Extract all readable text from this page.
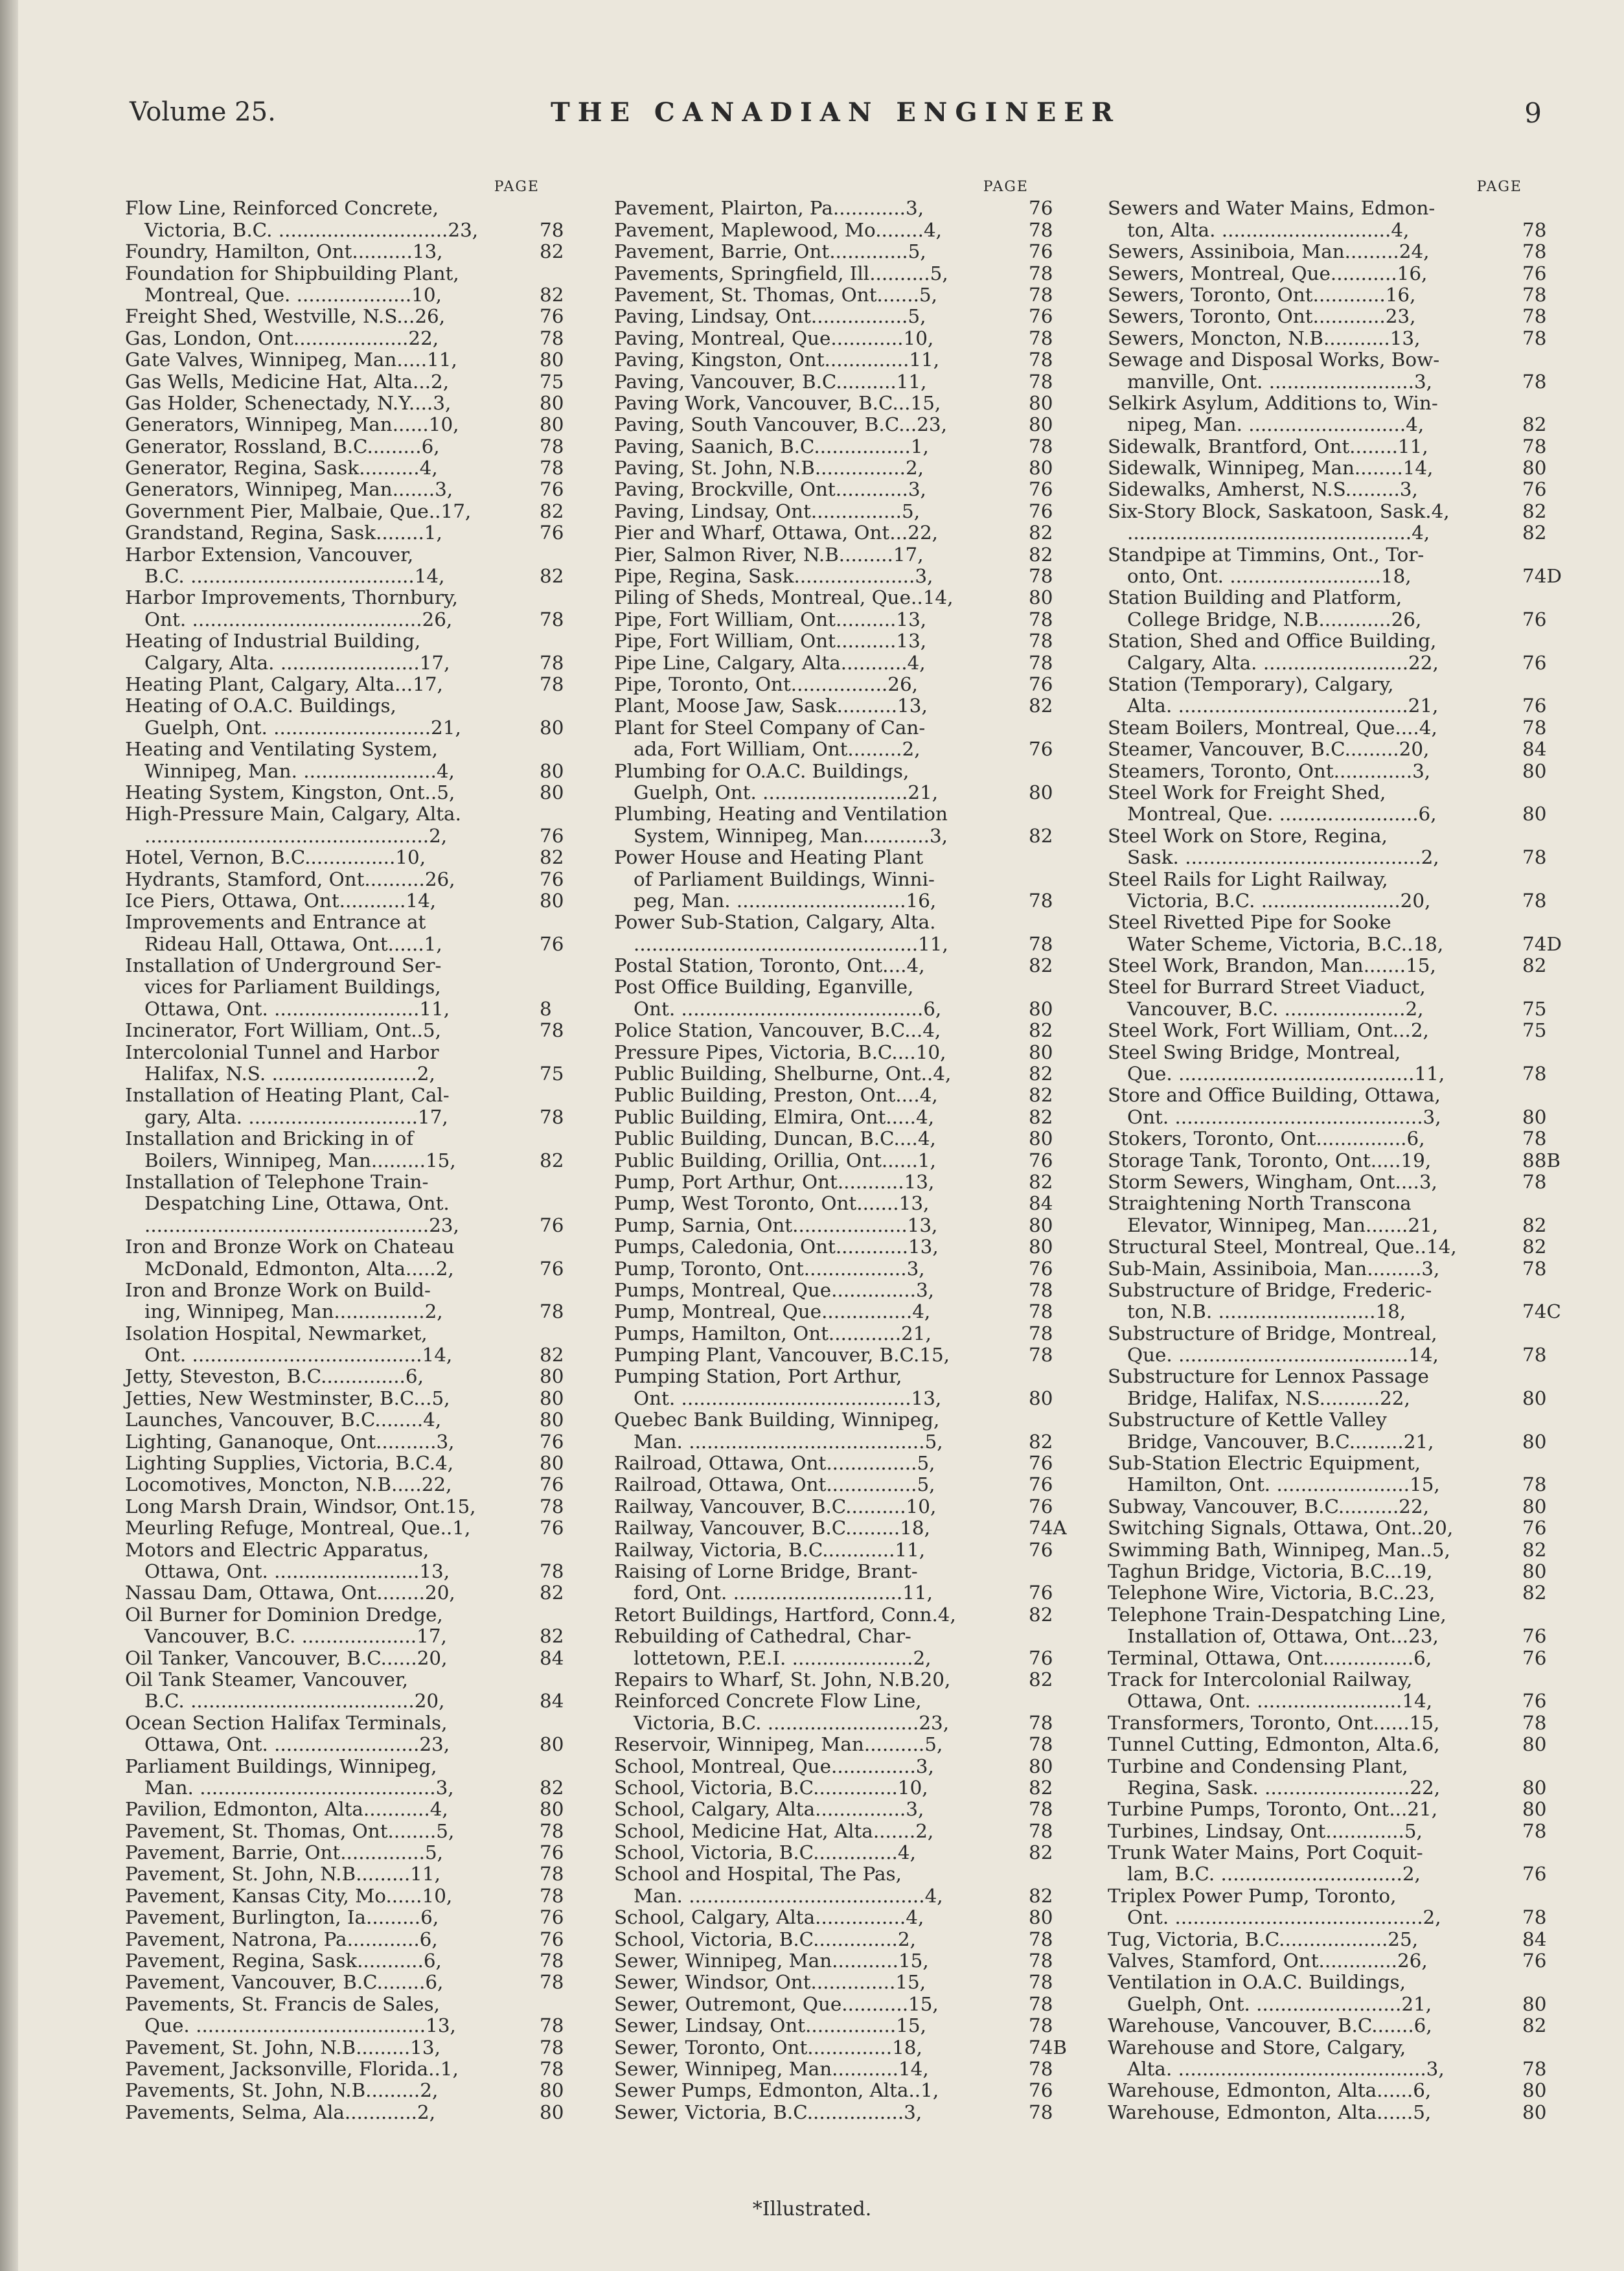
Volume 25.	THE CANADIAN ENGINEER	9
PAGE
Flow Line, Reinforced Concrete,
Victoria, B.C. ............................23,	78
Foundry, Hamilton, Ont..........13,	82
Foundation for Shipbuilding Plant,
Montreal, Que. ...................10,	82
Freight Shed, Westville, N.S...26,	76
Gas, London, Ont...................22,	78
Gate Valves, Winnipeg, Man.....11,	80
Gas Wells, Medicine Hat, Alta...2,	75
Gas Holder, Schenectady, N.Y....3,	80
Generators, Winnipeg, Man......10,	80
Generator, Rossland, B.C.........6,	78
Generator, Regina, Sask..........4,	78
Generators, Winnipeg, Man.......3,	76
Government Pier, Malbaie, Que..17,	82
Grandstand, Regina, Sask........1,	76
Harbor Extension, Vancouver,
B.C. .....................................14,	82
Harbor Improvements, Thornbury,
Ont. ......................................26,	78
Heating of Industrial Building,
Calgary, Alta. .......................17,	78
Heating Plant, Calgary, Alta...17,	78
Heating of O.A.C. Buildings,
Guelph, Ont. ..........................21,	80
Heating and Ventilating System,
Winnipeg, Man. ......................4,	80
Heating System, Kingston, Ont..5,	80
High-Pressure Main, Calgary, Alta.
...............................................2,	76
Hotel, Vernon, B.C...............10,	82
Hydrants, Stamford, Ont..........26,	76
Ice Piers, Ottawa, Ont...........14,	80
Improvements and Entrance at
Rideau Hall, Ottawa, Ont......1,	76
Installation of Underground Ser-
vices for Parliament Buildings,
Ottawa, Ont. ........................11,	8
Incinerator, Fort William, Ont..5,	78
Intercolonial Tunnel and Harbor
Halifax, N.S. ........................2,	75
Installation of Heating Plant, Cal-
gary, Alta. ............................17,	78
Installation and Bricking in of
Boilers, Winnipeg, Man.........15,	82
Installation of Telephone Train-
Despatching Line, Ottawa, Ont.
...............................................23,	76
Iron and Bronze Work on Chateau
McDonald, Edmonton, Alta.....2,	76
Iron and Bronze Work on Build-
ing, Winnipeg, Man...............2,	78
Isolation Hospital, Newmarket,
Ont. ......................................14,	82
Jetty, Steveston, B.C..............6,	80
Jetties, New Westminster, B.C...5,	80
Launches, Vancouver, B.C........4,	80
Lighting, Gananoque, Ont..........3,	76
Lighting Supplies, Victoria, B.C.4,	80
Locomotives, Moncton, N.B.....22,	76
Long Marsh Drain, Windsor, Ont.15,	78
Meurling Refuge, Montreal, Que..1,	76
Motors and Electric Apparatus,
Ottawa, Ont. ........................13,	78
Nassau Dam, Ottawa, Ont........20,	82
Oil Burner for Dominion Dredge,
Vancouver, B.C. ...................17,	82
Oil Tanker, Vancouver, B.C......20,	84
Oil Tank Steamer, Vancouver,
B.C. .....................................20,	84
Ocean Section Halifax Terminals,
Ottawa, Ont. ........................23,	80
Parliament Buildings, Winnipeg,
Man. .......................................3,	82
Pavilion, Edmonton, Alta...........4,	80
Pavement, St. Thomas, Ont........5,	78
Pavement, Barrie, Ont..............5,	76
Pavement, St. John, N.B.........11,	78
Pavement, Kansas City, Mo......10,	78
Pavement, Burlington, Ia.........6,	76
Pavement, Natrona, Pa............6,	76
Pavement, Regina, Sask...........6,	78
Pavement, Vancouver, B.C........6,	78
Pavements, St. Francis de Sales,
Que. ......................................13,	78
Pavement, St. John, N.B.........13,	78
Pavement, Jacksonville, Florida..1,	78
Pavements, St. John, N.B.........2,	80
Pavements, Selma, Ala............2,	80
PAGE
Pavement, Plairton, Pa............3,	76
Pavement, Maplewood, Mo........4,	78
Pavement, Barrie, Ont.............5,	76
Pavements, Springfield, Ill..........5,	78
Pavement, St. Thomas, Ont.......5,	78
Paving, Lindsay, Ont................5,	76
Paving, Montreal, Que............10,	78
Paving, Kingston, Ont..............11,	78
Paving, Vancouver, B.C..........11,	78
Paving Work, Vancouver, B.C...15,	80
Paving, South Vancouver, B.C...23,	80
Paving, Saanich, B.C................1,	78
Paving, St. John, N.B...............2,	80
Paving, Brockville, Ont............3,	76
Paving, Lindsay, Ont...............5,	76
Pier and Wharf, Ottawa, Ont...22,	82
Pier, Salmon River, N.B.........17,	82
Pipe, Regina, Sask....................3,	78
Piling of Sheds, Montreal, Que..14,	80
Pipe, Fort William, Ont..........13,	78
Pipe, Fort William, Ont..........13,	78
Pipe Line, Calgary, Alta...........4,	78
Pipe, Toronto, Ont................26,	76
Plant, Moose Jaw, Sask..........13,	82
Plant for Steel Company of Can-
ada, Fort William, Ont.........2,	76
Plumbing for O.A.C. Buildings,
Guelph, Ont. ........................21,	80
Plumbing, Heating and Ventilation
System, Winnipeg, Man...........3,	82
Power House and Heating Plant
of Parliament Buildings, Winni-
peg, Man. ............................16,	78
Power Sub-Station, Calgary, Alta.
...............................................11,	78
Postal Station, Toronto, Ont....4,	82
Post Office Building, Eganville,
Ont. ........................................6,	80
Police Station, Vancouver, B.C...4,	82
Pressure Pipes, Victoria, B.C....10,	80
Public Building, Shelburne, Ont..4,	82
Public Building, Preston, Ont....4,	82
Public Building, Elmira, Ont.....4,	82
Public Building, Duncan, B.C....4,	80
Public Building, Orillia, Ont......1,	76
Pump, Port Arthur, Ont...........13,	82
Pump, West Toronto, Ont.......13,	84
Pump, Sarnia, Ont...................13,	80
Pumps, Caledonia, Ont............13,	80
Pump, Toronto, Ont.................3,	76
Pumps, Montreal, Que..............3,	78
Pump, Montreal, Que...............4,	78
Pumps, Hamilton, Ont............21,	78
Pumping Plant, Vancouver, B.C.15,	78
Pumping Station, Port Arthur,
Ont. ......................................13,	80
Quebec Bank Building, Winnipeg,
Man. .......................................5,	82
Railroad, Ottawa, Ont...............5,	76
Railroad, Ottawa, Ont...............5,	76
Railway, Vancouver, B.C..........10,	76
Railway, Vancouver, B.C.........18,	74A
Railway, Victoria, B.C............11,	76
Raising of Lorne Bridge, Brant-
ford, Ont. ............................11,	76
Retort Buildings, Hartford, Conn.4,	82
Rebuilding of Cathedral, Char-
lottetown, P.E.I. ....................2,	76
Repairs to Wharf, St. John, N.B.20,	82
Reinforced Concrete Flow Line,
Victoria, B.C. .........................23,	78
Reservoir, Winnipeg, Man..........5,	78
School, Montreal, Que..............3,	80
School, Victoria, B.C..............10,	82
School, Calgary, Alta...............3,	78
School, Medicine Hat, Alta.......2,	78
School, Victoria, B.C..............4,	82
School and Hospital, The Pas,
Man. .......................................4,	82
School, Calgary, Alta...............4,	80
School, Victoria, B.C..............2,	78
Sewer, Winnipeg, Man...........15,	78
Sewer, Windsor, Ont..............15,	78
Sewer, Outremont, Que...........15,	78
Sewer, Lindsay, Ont...............15,	78
Sewer, Toronto, Ont..............18,	74B
Sewer, Winnipeg, Man...........14,	78
Sewer Pumps, Edmonton, Alta..1,	76
Sewer, Victoria, B.C................3,	78
PAGE
Sewers and Water Mains, Edmon-
ton, Alta. ............................4,	78
Sewers, Assiniboia, Man.........24,	78
Sewers, Montreal, Que...........16,	76
Sewers, Toronto, Ont............16,	78
Sewers, Toronto, Ont............23,	78
Sewers, Moncton, N.B...........13,	78
Sewage and Disposal Works, Bow-
manville, Ont. ........................3,	78
Selkirk Asylum, Additions to, Win-
nipeg, Man. ..........................4,	82
Sidewalk, Brantford, Ont........11,	78
Sidewalk, Winnipeg, Man........14,	80
Sidewalks, Amherst, N.S.........3,	76
Six-Story Block, Saskatoon, Sask.4,	82
...............................................4,	82
Standpipe at Timmins, Ont., Tor-
onto, Ont. .........................18,	74D
Station Building and Platform,
College Bridge, N.B............26,	76
Station, Shed and Office Building,
Calgary, Alta. ........................22,	76
Station (Temporary), Calgary,
Alta. ......................................21,	76
Steam Boilers, Montreal, Que....4,	78
Steamer, Vancouver, B.C.........20,	84
Steamers, Toronto, Ont.............3,	80
Steel Work for Freight Shed,
Montreal, Que. .......................6,	80
Steel Work on Store, Regina,
Sask. .......................................2,	78
Steel Rails for Light Railway,
Victoria, B.C. .......................20,	78
Steel Rivetted Pipe for Sooke
Water Scheme, Victoria, B.C..18,	74D
Steel Work, Brandon, Man.......15,	82
Steel for Burrard Street Viaduct,
Vancouver, B.C. ....................2,	75
Steel Work, Fort William, Ont...2,	75
Steel Swing Bridge, Montreal,
Que. .......................................11,	78
Store and Office Building, Ottawa,
Ont. .........................................3,	80
Stokers, Toronto, Ont...............6,	78
Storage Tank, Toronto, Ont.....19,	88B
Storm Sewers, Wingham, Ont....3,	78
Straightening North Transcona
Elevator, Winnipeg, Man.......21,	82
Structural Steel, Montreal, Que..14,	82
Sub-Main, Assiniboia, Man.........3,	78
Substructure of Bridge, Frederic-
ton, N.B. ..........................18,	74C
Substructure of Bridge, Montreal,
Que. ......................................14,	78
Substructure for Lennox Passage
Bridge, Halifax, N.S..........22,	80
Substructure of Kettle Valley
Bridge, Vancouver, B.C.........21,	80
Sub-Station Electric Equipment,
Hamilton, Ont. ......................15,	78
Subway, Vancouver, B.C..........22,	80
Switching Signals, Ottawa, Ont..20,	76
Swimming Bath, Winnipeg, Man..5,	82
Taghun Bridge, Victoria, B.C...19,	80
Telephone Wire, Victoria, B.C..23,	82
Telephone Train-Despatching Line,
Installation of, Ottawa, Ont...23,	76
Terminal, Ottawa, Ont...............6,	76
Track for Intercolonial Railway,
Ottawa, Ont. ........................14,	76
Transformers, Toronto, Ont......15,	78
Tunnel Cutting, Edmonton, Alta.6,	80
Turbine and Condensing Plant,
Regina, Sask. ........................22,	80
Turbine Pumps, Toronto, Ont...21,	80
Turbines, Lindsay, Ont.............5,	78
Trunk Water Mains, Port Coquit-
lam, B.C. ..............................2,	76
Triplex Power Pump, Toronto,
Ont. .........................................2,	78
Tug, Victoria, B.C..................25,	84
Valves, Stamford, Ont.............26,	76
Ventilation in O.A.C. Buildings,
Guelph, Ont. ........................21,	80
Warehouse, Vancouver, B.C.......6,	82
Warehouse and Store, Calgary,
Alta. .........................................3,	78
Warehouse, Edmonton, Alta......6,	80
Warehouse, Edmonton, Alta......5,	80
*Illustrated.
